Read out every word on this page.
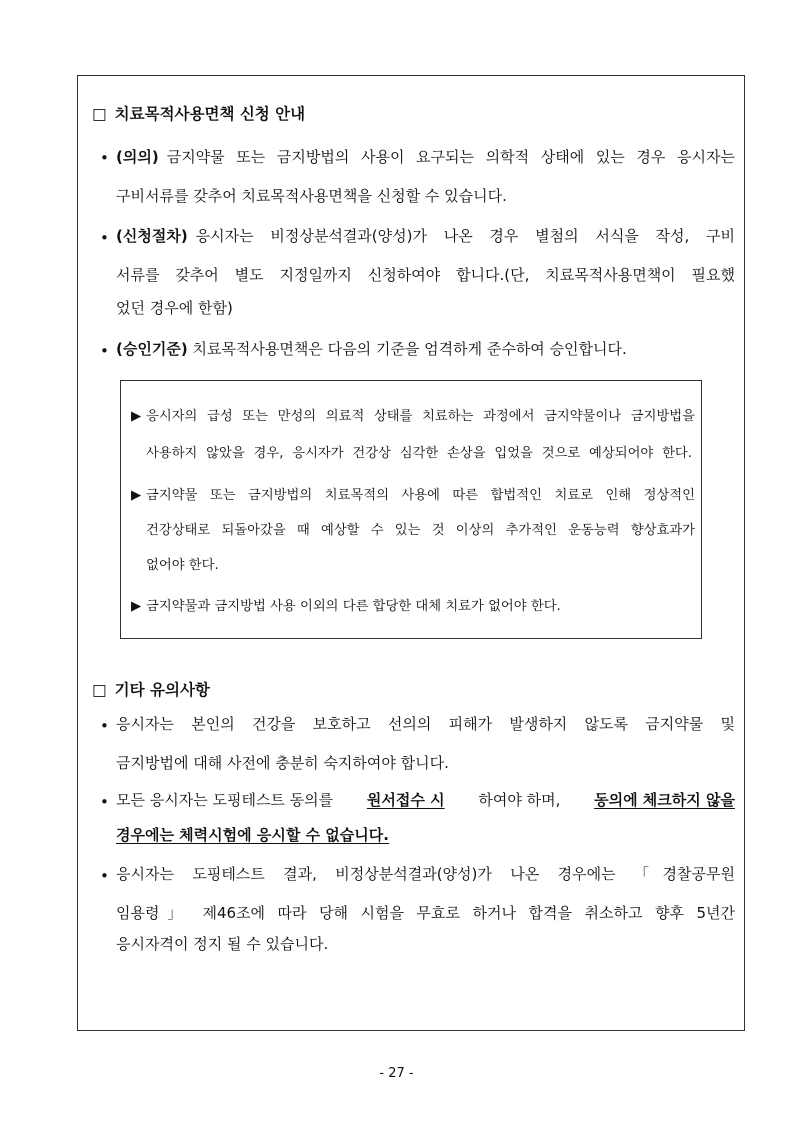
□ 치료목적사용면책 신청 안내
• (의의) 금지약물 또는 금지방법의 사용이 요구되는 의학적 상태에 있는 경우 응시자는
구비서류를 갖추어 치료목적사용면책을 신청할 수 있습니다.
• (신청절차) 응시자는 비정상분석결과(양성)가 나온 경우 별첨의 서식을 작성, 구비
서류를 갖추어 별도 지정일까지 신청하여야 합니다.(단, 치료목적사용면책이 필요했
었던 경우에 한함)
• (승인기준) 치료목적사용면책은 다음의 기준을 엄격하게 준수하여 승인합니다.
▶ 응시자의 급성 또는 만성의 의료적 상태를 치료하는 과정에서 금지약물이나 금지방법을
사용하지 않았을 경우, 응시자가 건강상 심각한 손상을 입었을 것으로 예상되어야 한다.
▶ 금지약물 또는 금지방법의 치료목적의 사용에 따른 합법적인 치료로 인해 정상적인
건강상태로 되돌아갔을 때 예상할 수 있는 것 이상의 추가적인 운동능력 향상효과가
없어야 한다.
▶ 금지약물과 금지방법 사용 이외의 다른 합당한 대체 치료가 없어야 한다.
□ 기타 유의사항
• 응시자는 본인의 건강을 보호하고 선의의 피해가 발생하지 않도록 금지약물 및
금지방법에 대해 사전에 충분히 숙지하여야 합니다.
• 모든 응시자는 도핑테스트 동의를 원서접수 시 하여야 하며, 동의에 체크하지 않을
경우에는 체력시험에 응시할 수 없습니다.
• 응시자는 도핑테스트 결과, 비정상분석결과(양성)가 나온 경우에는 「경찰공무원
임용령」 제46조에 따라 당해 시험을 무효로 하거나 합격을 취소하고 향후 5년간
응시자격이 정지 될 수 있습니다.
- 27 -
